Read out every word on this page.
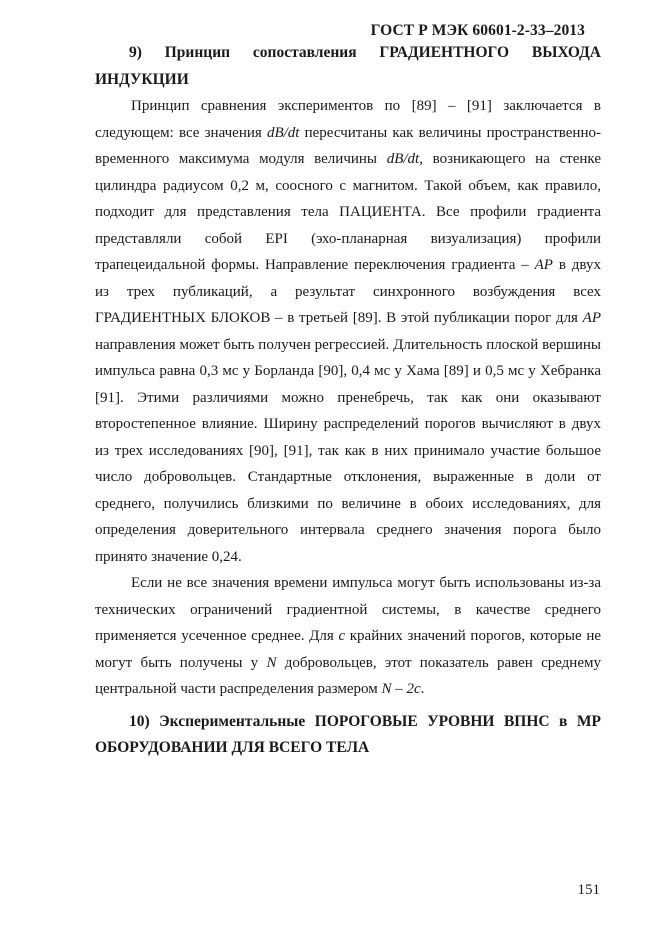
ГОСТ Р МЭК 60601-2-33–2013

9) Принцип сопоставления ГРАДИЕНТНОГО ВЫХОДА ИНДУКЦИИ

Принцип сравнения экспериментов по [89] – [91] заключается в следующем: все значения dB/dt пересчитаны как величины пространственно-временного максимума модуля величины dB/dt, возникающего на стенке цилиндра радиусом 0,2 м, соосного с магнитом. Такой объем, как правило, подходит для представления тела ПАЦИЕНТА. Все профили градиента представляли собой EPI (эхо-планарная визуализация) профили трапецеидальной формы. Направление переключения градиента – AP в двух из трех публикаций, а результат синхронного возбуждения всех ГРАДИЕНТНЫХ БЛОКОВ – в третьей [89]. В этой публикации порог для AP направления может быть получен регрессией. Длительность плоской вершины импульса равна 0,3 мс у Борланда [90], 0,4 мс у Хама [89] и 0,5 мс у Хебранка [91]. Этими различиями можно пренебречь, так как они оказывают второстепенное влияние. Ширину распределений порогов вычисляют в двух из трех исследованиях [90], [91], так как в них принимало участие большое число добровольцев. Стандартные отклонения, выраженные в доли от среднего, получились близкими по величине в обоих исследованиях, для определения доверительного интервала среднего значения порога было принято значение 0,24.

Если не все значения времени импульса могут быть использованы из-за технических ограничений градиентной системы, в качестве среднего применяется усеченное среднее. Для c крайних значений порогов, которые не могут быть получены у N добровольцев, этот показатель равен среднему центральной части распределения размером N – 2c.

10) Экспериментальные ПОРОГОВЫЕ УРОВНИ ВПНС в МР ОБОРУДОВАНИИ ДЛЯ ВСЕГО ТЕЛА

151
